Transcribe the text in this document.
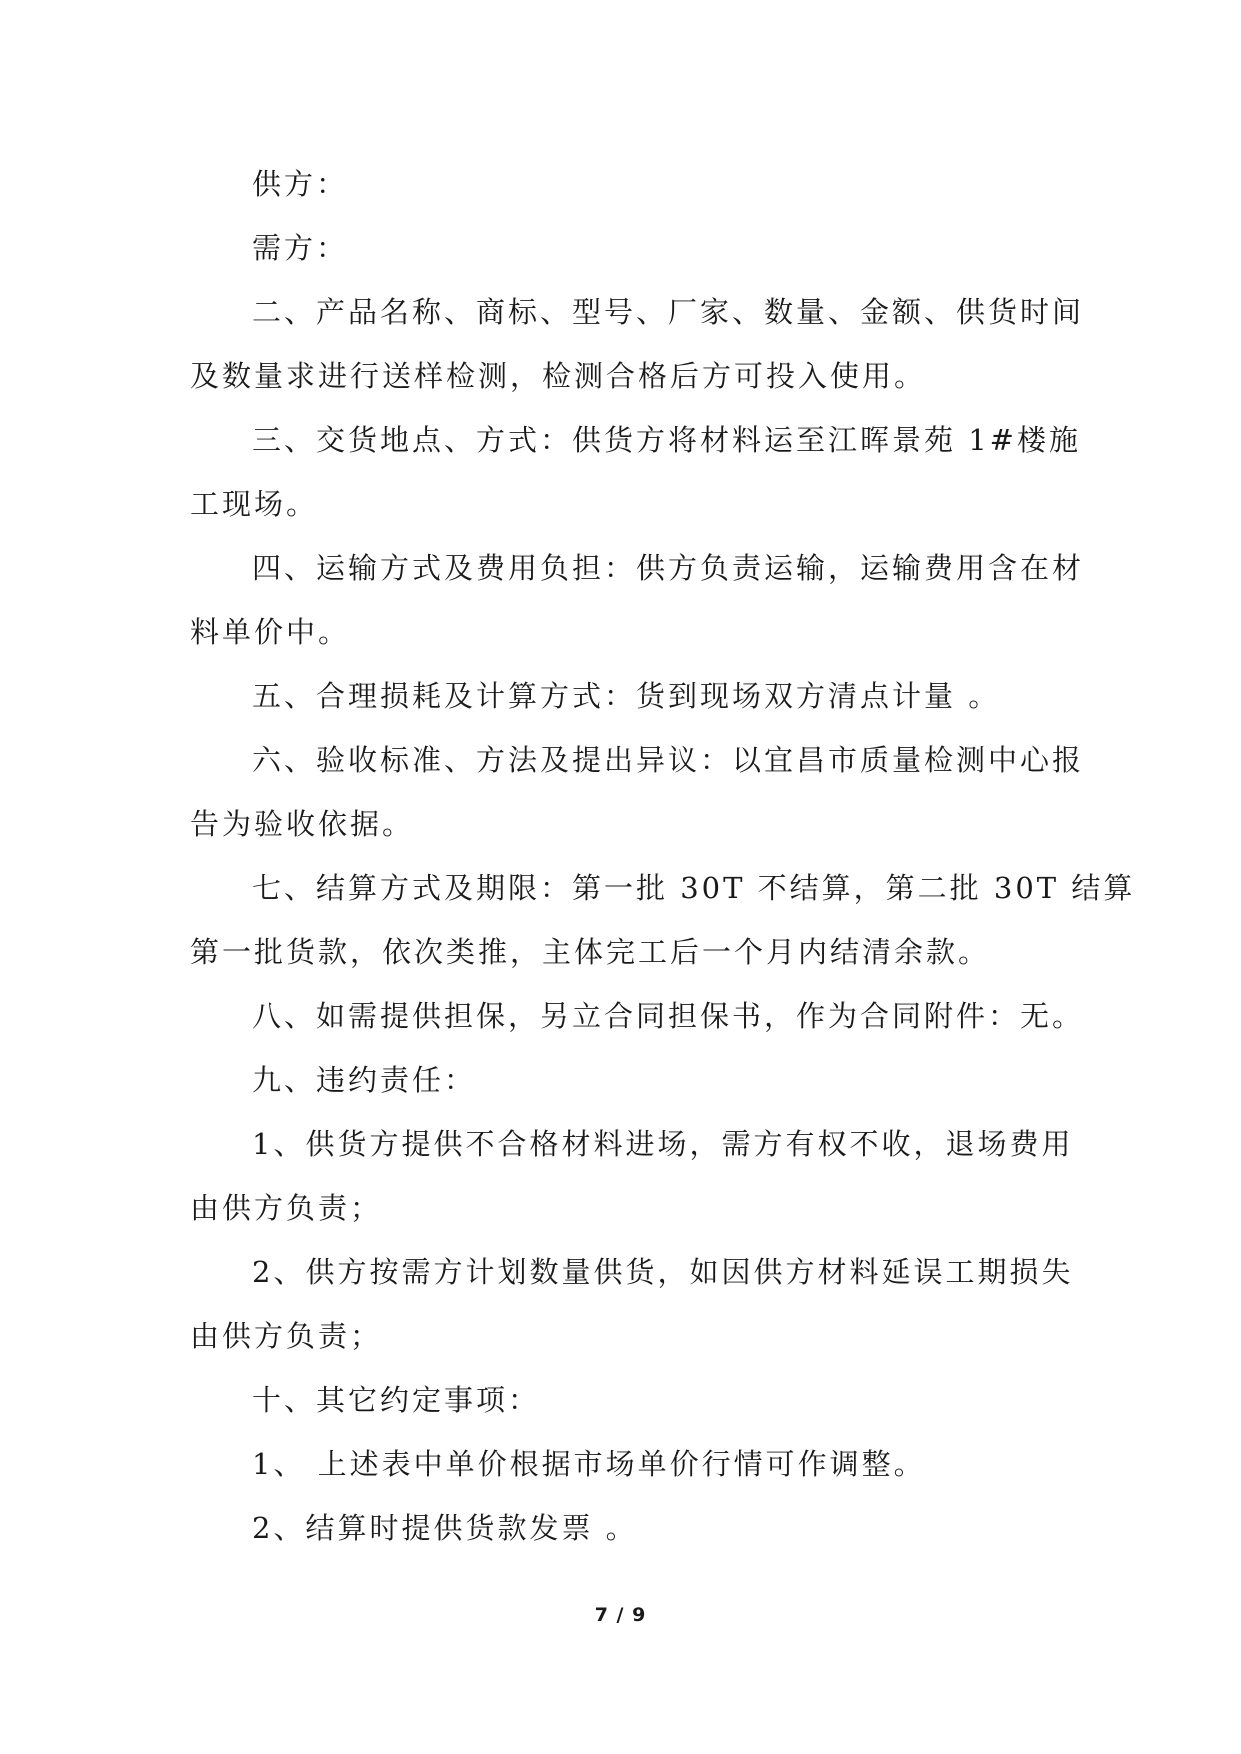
供方：
需方：
二、产品名称、商标、型号、厂家、数量、金额、供货时间
及数量求进行送样检测，检测合格后方可投入使用。
三、交货地点、方式：供货方将材料运至江晖景苑 1#楼施
工现场。
四、运输方式及费用负担：供方负责运输，运输费用含在材
料单价中。
五、合理损耗及计算方式：货到现场双方清点计量 。
六、验收标准、方法及提出异议：以宜昌市质量检测中心报
告为验收依据。
七、结算方式及期限：第一批 30T 不结算，第二批 30T 结算
第一批货款，依次类推，主体完工后一个月内结清余款。
八、如需提供担保，另立合同担保书，作为合同附件：无。
九、违约责任：
1、供货方提供不合格材料进场，需方有权不收，退场费用
由供方负责；
2、供方按需方计划数量供货，如因供方材料延误工期损失
由供方负责；
十、其它约定事项：
1、 上述表中单价根据市场单价行情可作调整。
2、结算时提供货款发票 。
7 / 9
